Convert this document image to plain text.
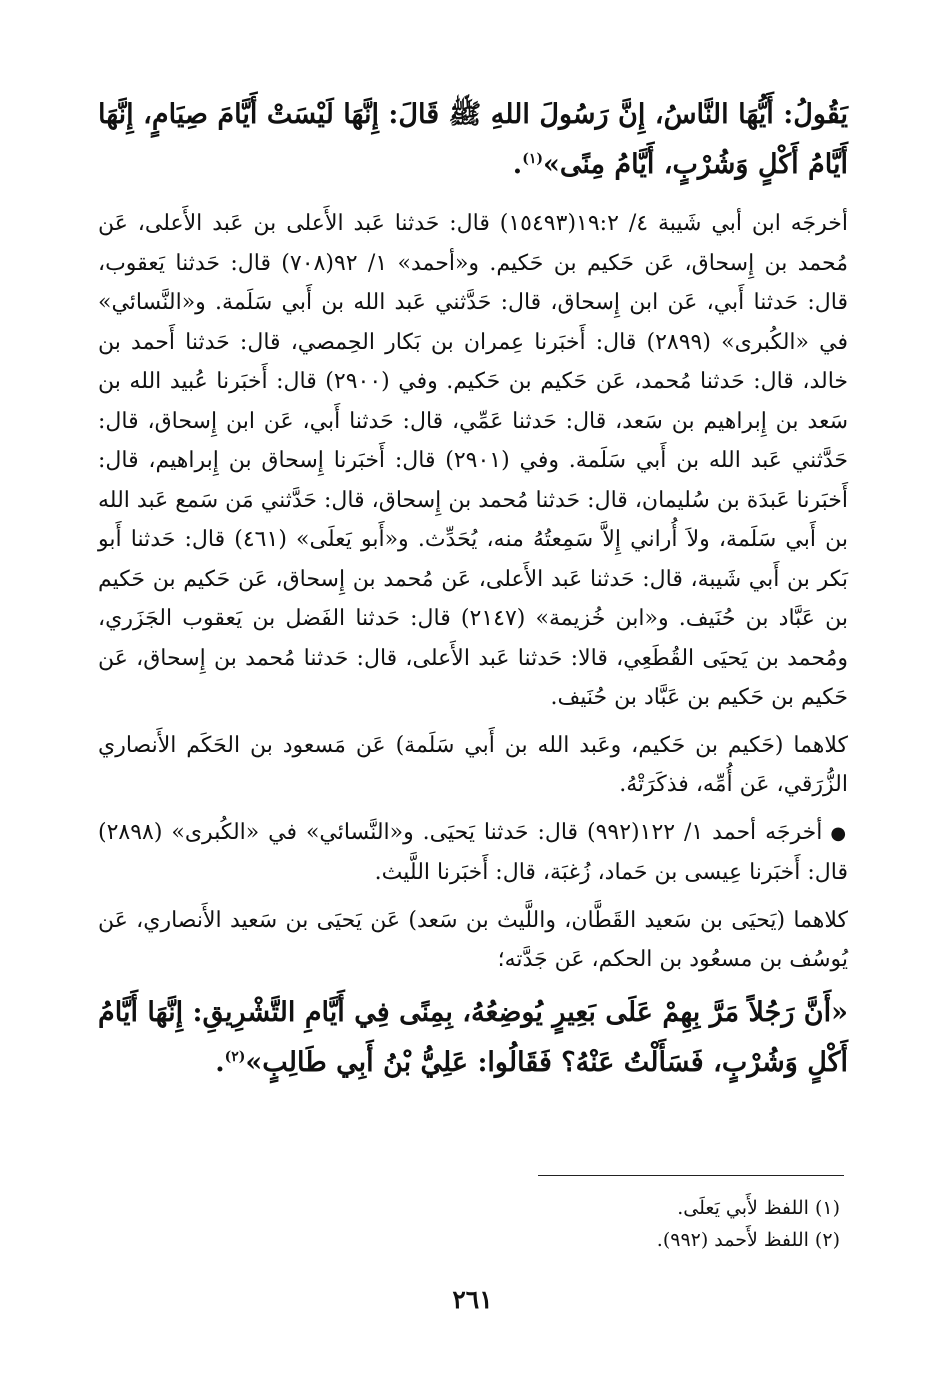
يَقُولُ: أَيُّهَا النَّاسُ، إِنَّ رَسُولَ اللهِ ﷺ قَالَ: إِنَّهَا لَيْسَتْ أَيَّامَ صِيَامٍ، إِنَّهَا أَيَّامُ أَكْلٍ وَشُرْبٍ، أَيَّامُ مِنًى»$^{(١)}$.

أخرجَه ابن أبي شَيبة ٤/ ١٩:٢(١٥٤٩٣) قال: حَدثنا عَبد الأَعلى بن عَبد الأَعلى، عَن مُحمد بن إِسحاق، عَن حَكيم بن حَكيم. و«أحمد» ١/ ٩٢(٧٠٨) قال: حَدثنا يَعقوب، قال: حَدثنا أَبي، عَن ابن إِسحاق، قال: حَدَّثني عَبد الله بن أَبي سَلَمة. و«النَّسائي» في «الكُبرى» (٢٨٩٩) قال: أَخبَرنا عِمران بن بَكار الحِمصي، قال: حَدثنا أَحمد بن خالد، قال: حَدثنا مُحمد، عَن حَكيم بن حَكيم. وفي (٢٩٠٠) قال: أَخبَرنا عُبيد الله بن سَعد بن إِبراهيم بن سَعد، قال: حَدثنا عَمِّي، قال: حَدثنا أَبي، عَن ابن إِسحاق، قال: حَدَّثني عَبد الله بن أَبي سَلَمة. وفي (٢٩٠١) قال: أَخبَرنا إِسحاق بن إِبراهيم، قال: أَخبَرنا عَبدَة بن سُليمان، قال: حَدثنا مُحمد بن إِسحاق، قال: حَدَّثني مَن سَمع عَبد الله بن أَبي سَلَمة، ولاَ أُراني إِلاَّ سَمِعتُهُ منه، يُحَدِّث. و«أَبو يَعلَى» (٤٦١) قال: حَدثنا أَبو بَكر بن أَبي شَيبة، قال: حَدثنا عَبد الأَعلى، عَن مُحمد بن إِسحاق، عَن حَكيم بن حَكيم بن عَبَّاد بن حُنَيف. و«ابن خُزيمة» (٢١٤٧) قال: حَدثنا الفَضل بن يَعقوب الجَزَري، ومُحمد بن يَحيَى القُطَعِي، قالا: حَدثنا عَبد الأَعلى، قال: حَدثنا مُحمد بن إِسحاق، عَن حَكيم بن حَكيم بن عَبَّاد بن حُنَيف.

كلاهما (حَكيم بن حَكيم، وعَبد الله بن أَبي سَلَمة) عَن مَسعود بن الحَكَم الأَنصاري الزُّرَقي، عَن أُمِّه، فذكَرَتْهُ.

●أخرجَه أحمد ١/ ١٢٢(٩٩٢) قال: حَدثنا يَحيَى. و«النَّسائي» في «الكُبرى» (٢٨٩٨) قال: أَخبَرنا عِيسى بن حَماد، زُغبَة، قال: أَخبَرنا اللَّيث.

كلاهما (يَحيَى بن سَعيد القَطَّان، واللَّيث بن سَعد) عَن يَحيَى بن سَعيد الأَنصاري، عَن يُوسُف بن مسعُود بن الحكم، عَن جَدَّته؛

«أَنَّ رَجُلاً مَرَّ بِهِمْ عَلَى بَعِيرٍ يُوضِعُهُ، بِمِنًى فِي أَيَّامِ التَّشْرِيقِ: إِنَّهَا أَيَّامُ أَكْلٍ وَشُرْبٍ، فَسَأَلْتُ عَنْهُ؟ فَقَالُوا: عَلِيُّ بْنُ أَبِي طَالِبٍ»$^{(٢)}$.

(١) اللفظ لأَبي يَعلَى.

(٢) اللفظ لأَحمد (٩٩٢).

٢٦١
